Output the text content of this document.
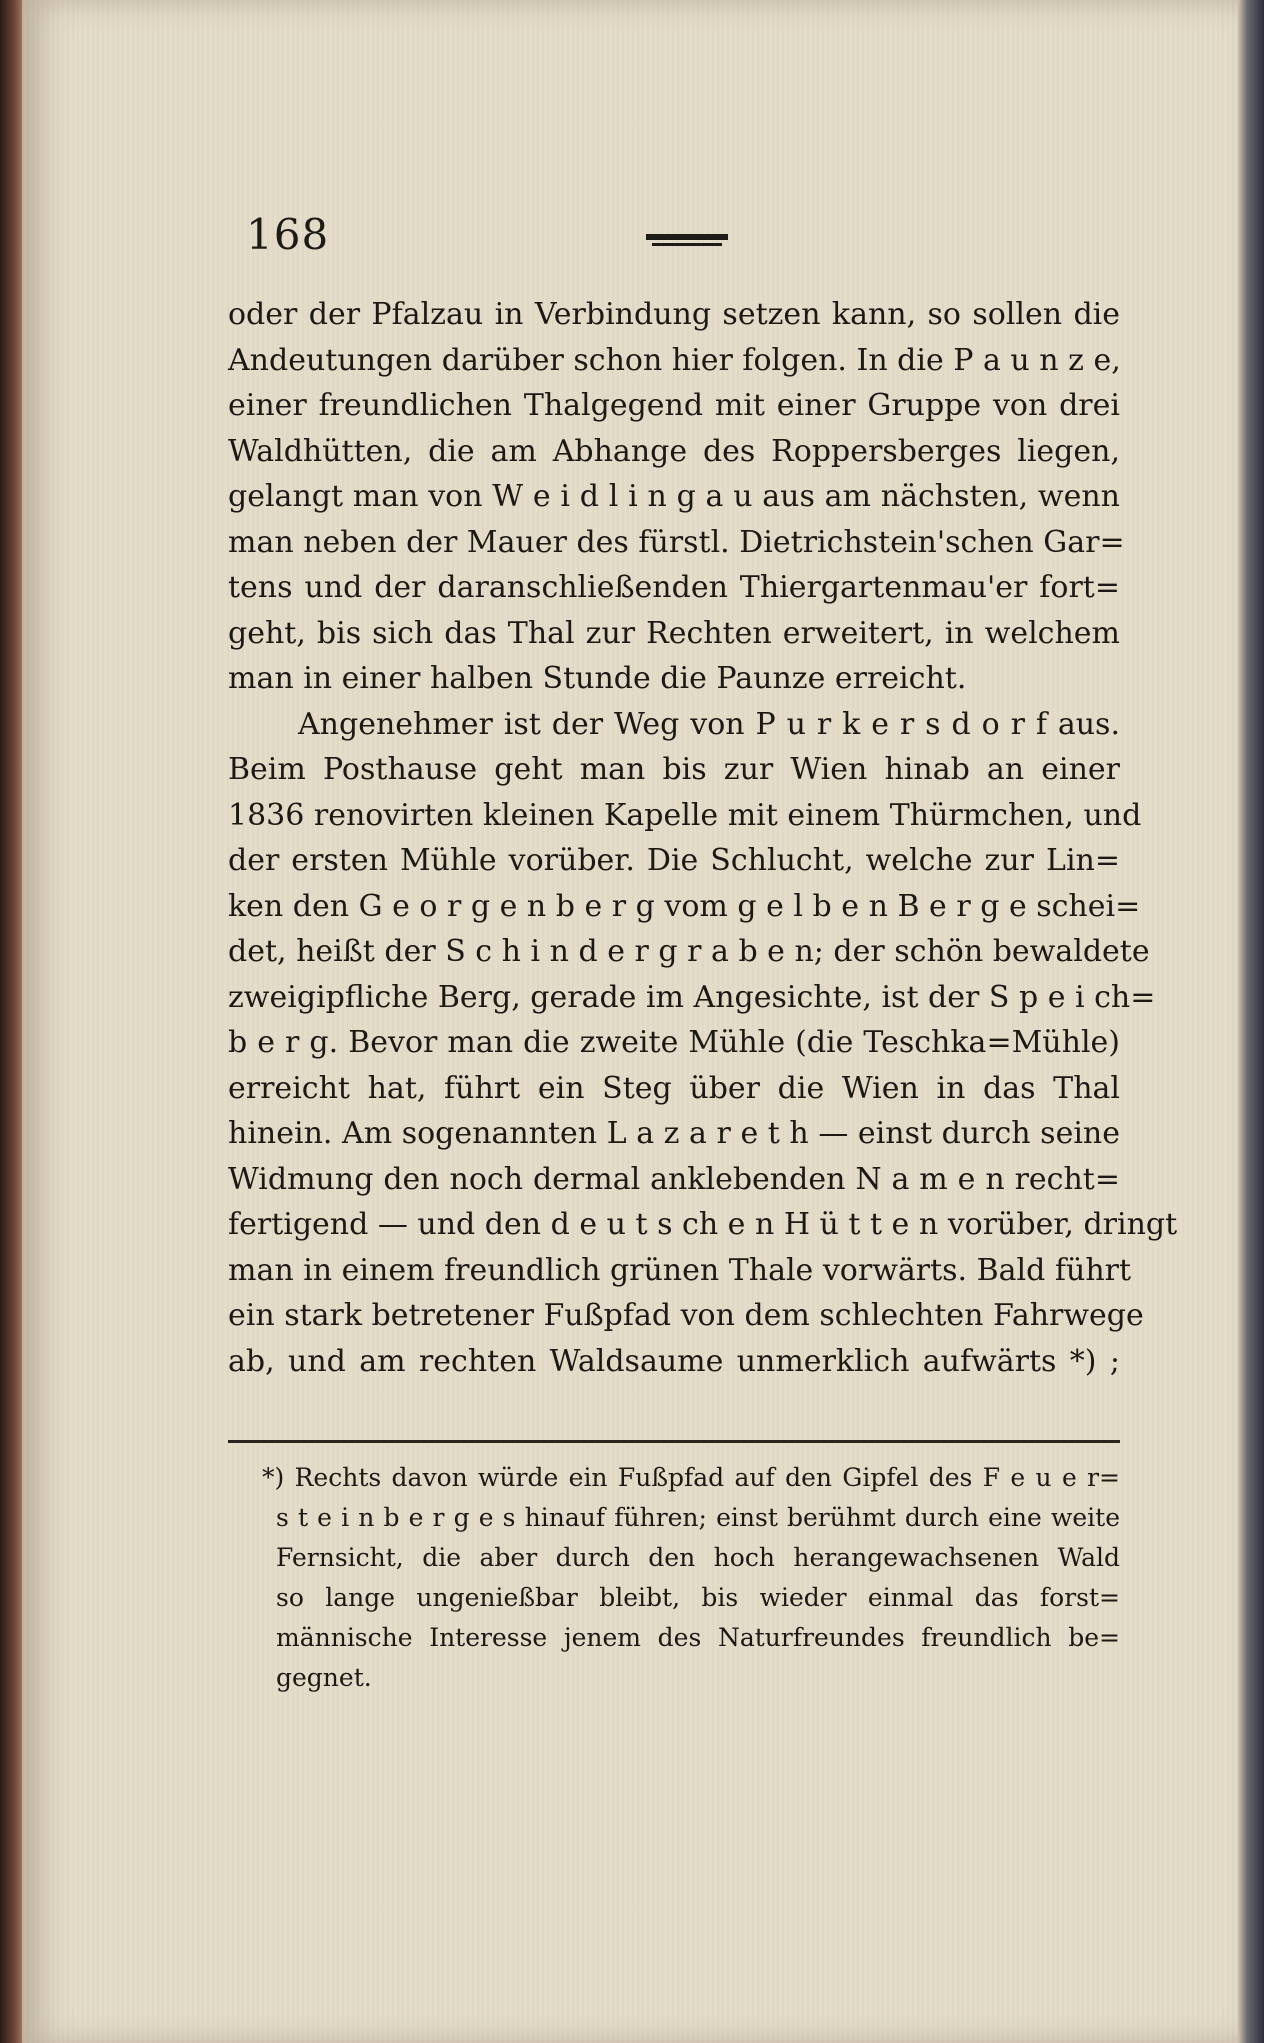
168
oder der Pfalzau in Verbindung setzen kann, so sollen die
Andeutungen darüber schon hier folgen. In die P a u n z e,
einer freundlichen Thalgegend mit einer Gruppe von drei
Waldhütten, die am Abhange des Roppersberges liegen,
gelangt man von W e i d l i n g a u aus am nächsten, wenn
man neben der Mauer des fürstl. Dietrichstein'schen Gar=
tens und der daranschließenden Thiergartenmau'er fort=
geht, bis sich das Thal zur Rechten erweitert, in welchem
man in einer halben Stunde die Paunze erreicht.
Angenehmer ist der Weg von P u r k e r s d o r f aus.
Beim Posthause geht man bis zur Wien hinab an einer
1836 renovirten kleinen Kapelle mit einem Thürmchen, und
der ersten Mühle vorüber. Die Schlucht, welche zur Lin=
ken den G e o r g e n b e r g vom g e l b e n B e r g e schei=
det, heißt der S c h i n d e r g r a b e n; der schön bewaldete
zweigipfliche Berg, gerade im Angesichte, ist der S p e i ch=
b e r g. Bevor man die zweite Mühle (die Teschka=Mühle)
erreicht hat, führt ein Steg über die Wien in das Thal
hinein. Am sogenannten L a z a r e t h — einst durch seine
Widmung den noch dermal anklebenden N a m e n recht=
fertigend — und den d e u t s ch e n H ü t t e n vorüber, dringt
man in einem freundlich grünen Thale vorwärts. Bald führt
ein stark betretener Fußpfad von dem schlechten Fahrwege
ab, und am rechten Waldsaume unmerklich aufwärts *) ;
*) Rechts davon würde ein Fußpfad auf den Gipfel des F e u e r=
s t e i n b e r g e s hinauf führen; einst berühmt durch eine weite
Fernsicht, die aber durch den hoch herangewachsenen Wald
so lange ungenießbar bleibt, bis wieder einmal das forst=
männische Interesse jenem des Naturfreundes freundlich be=
gegnet.
